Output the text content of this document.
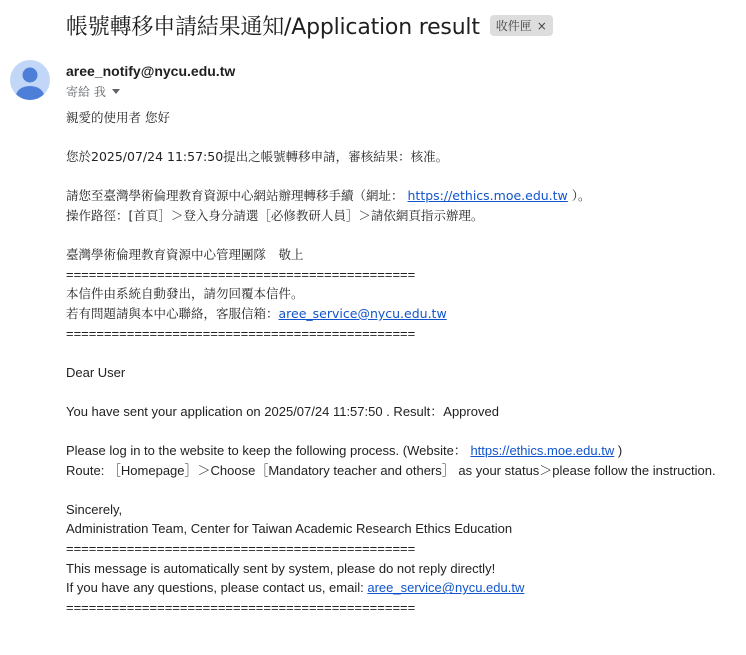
帳號轉移申請結果通知/Application result 收件匣 ×
aree_notify@nycu.edu.tw
寄給 我
親愛的使用者 您好
您於2025/07/24 11:57:50提出之帳號轉移申請，審核結果：核准。
請您至臺灣學術倫理教育資源中心網站辦理轉移手續（網址： https://ethics.moe.edu.tw ）。
操作路徑：[首頁］＞登入身分請選［必修教研人員］＞請依網頁指示辦理。
臺灣學術倫理教育資源中心管理團隊　敬上
==============================================
本信件由系統自動發出，請勿回覆本信件。
若有問題請與本中心聯絡，客服信箱：aree_service@nycu.edu.tw
==============================================
Dear User
You have sent your application on 2025/07/24 11:57:50 . Result：Approved
Please log in to the website to keep the following process. (Website： https://ethics.moe.edu.tw )
Route: ［Homepage］＞Choose［Mandatory teacher and others］ as your status＞please follow the instruction.
Sincerely,
Administration Team, Center for Taiwan Academic Research Ethics Education
==============================================
This message is automatically sent by system, please do not reply directly!
If you have any questions, please contact us, email: aree_service@nycu.edu.tw
==============================================
